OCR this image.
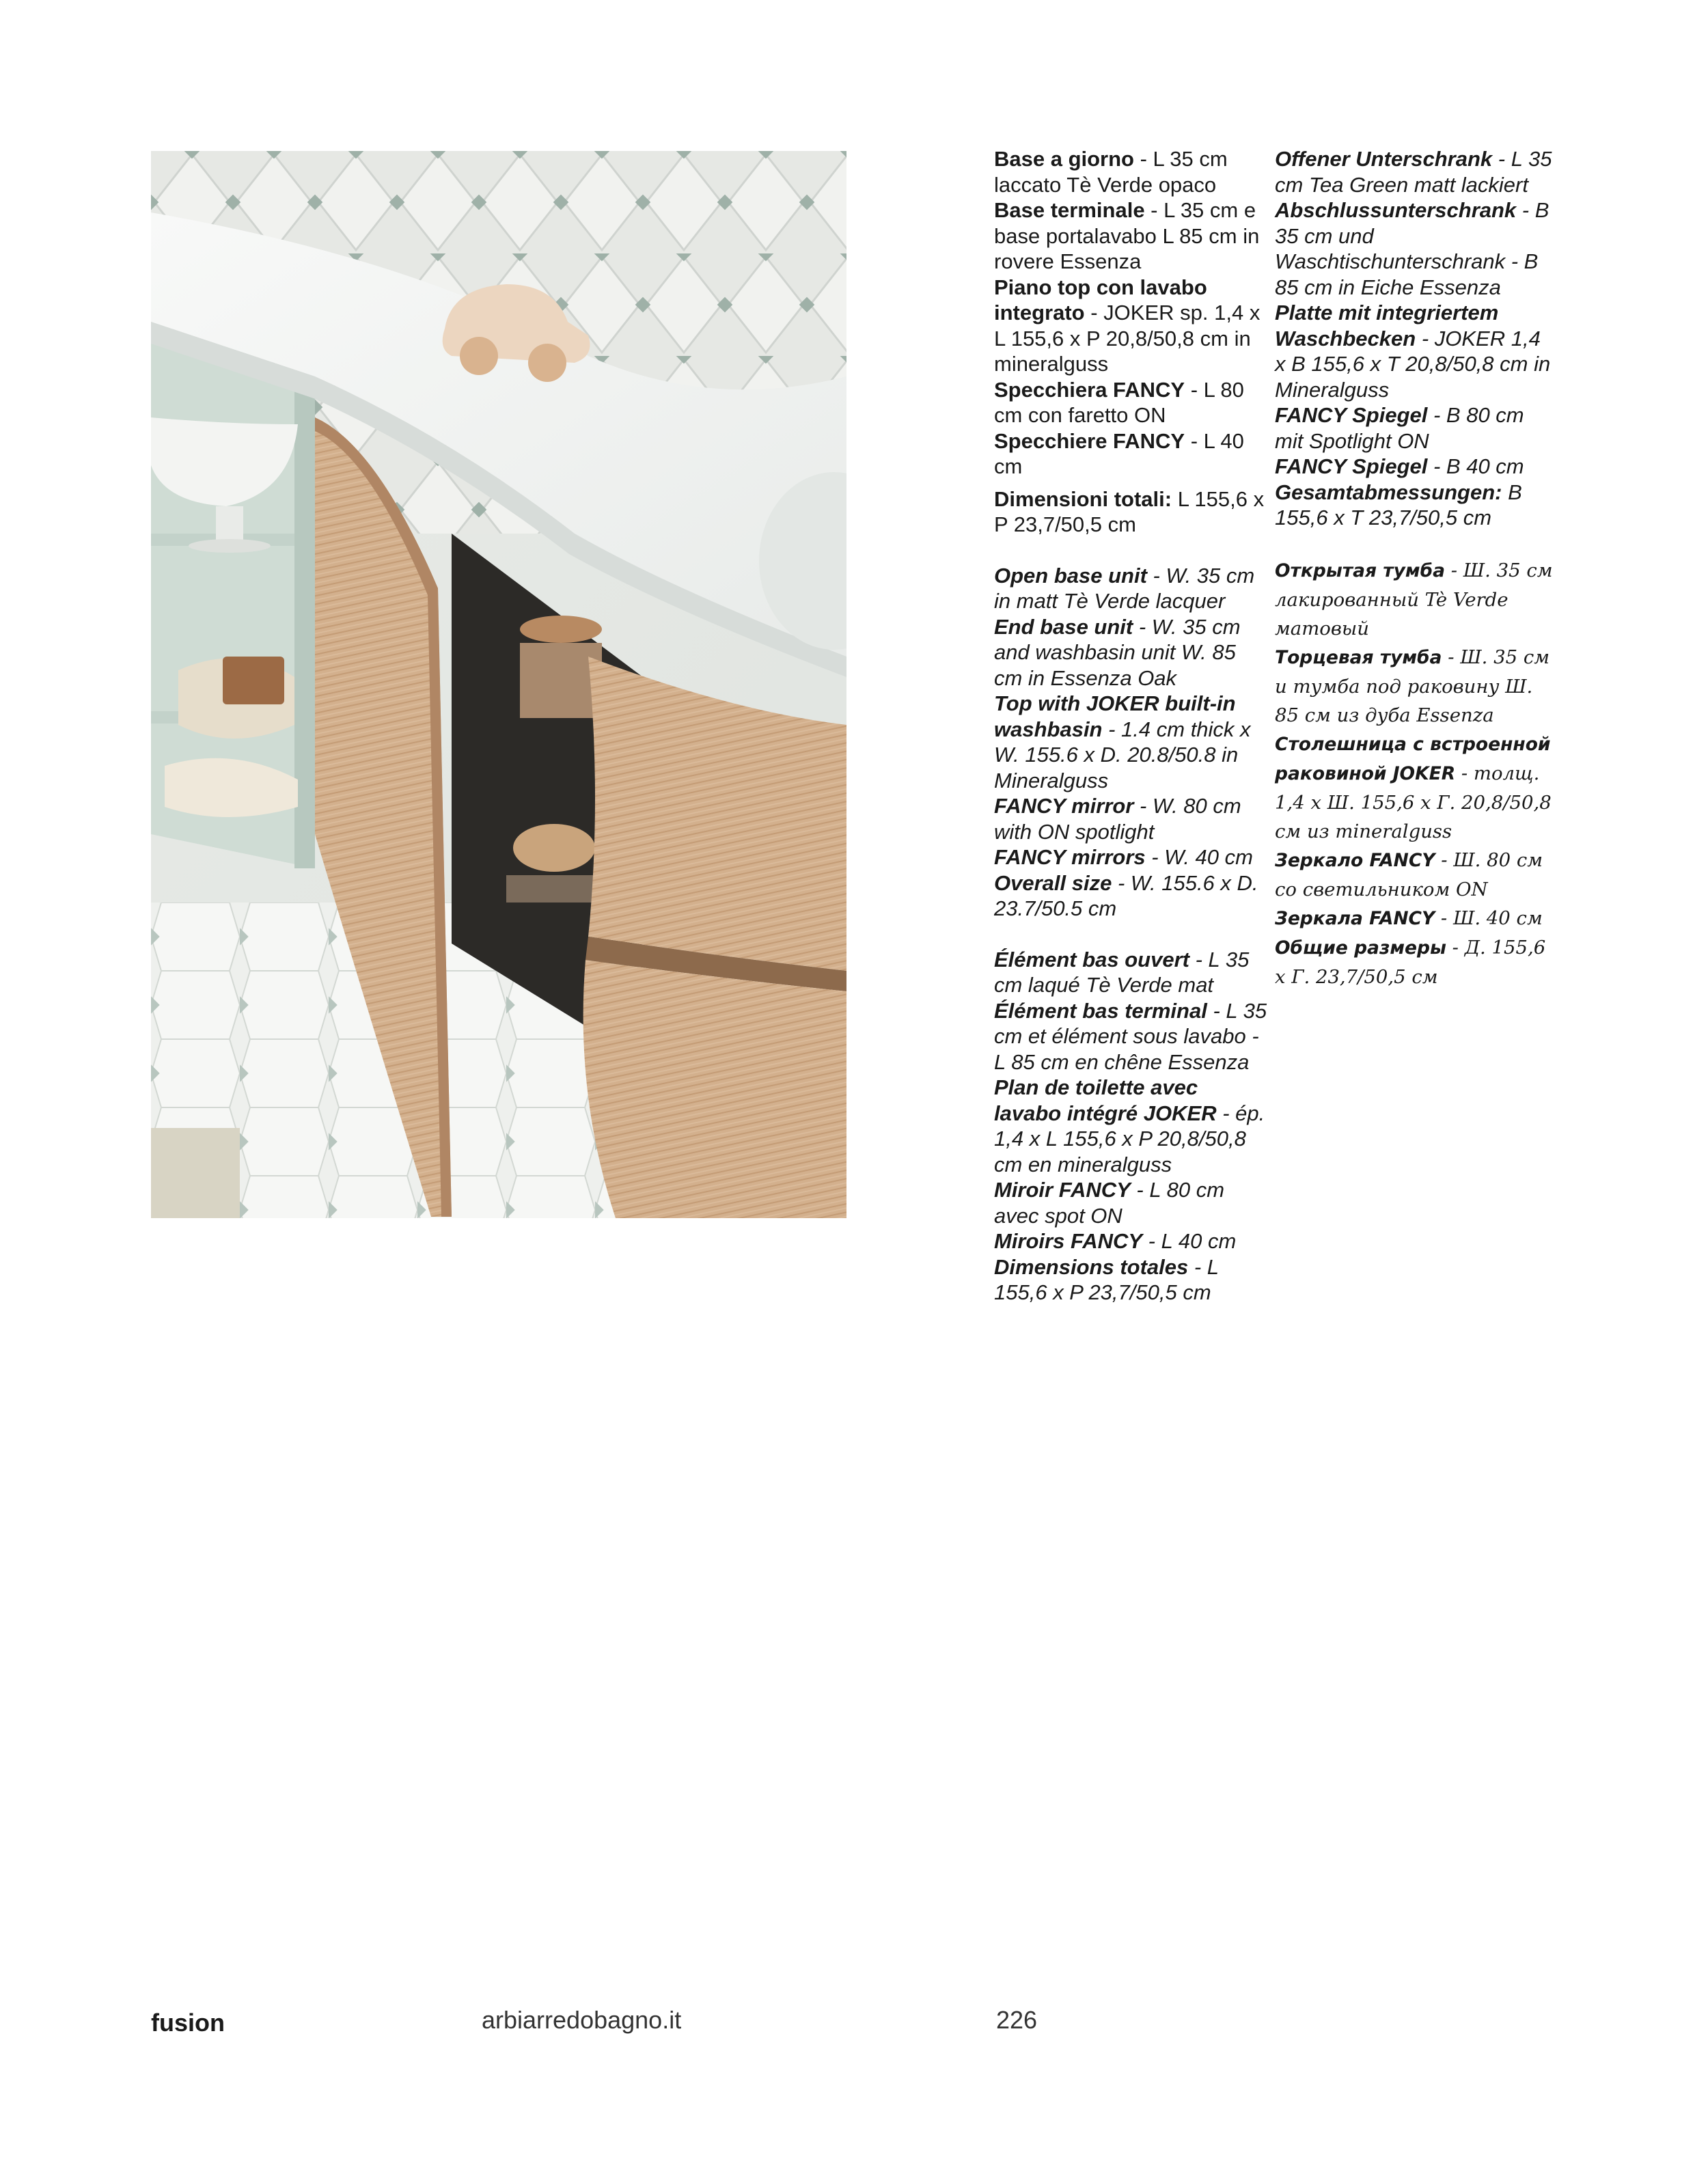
Base a giorno - L 35 cm laccato Tè Verde opaco

Base terminale - L 35 cm e base portalavabo L 85 cm in rovere Essenza

Piano top con lavabo integrato - JOKER sp. 1,4 x L 155,6 x P 20,8/50,8 cm in mineralguss

Specchiera FANCY - L 80 cm con faretto ON

Specchiere FANCY - L 40 cm

Dimensioni totali: L 155,6 x P 23,7/50,5 cm

Open base unit - W. 35 cm in matt Tè Verde lacquer

End base unit - W. 35 cm and washbasin unit W. 85 cm in Essenza Oak

Top with JOKER built-in washbasin - 1.4 cm thick x W. 155.6 x D. 20.8/50.8 in Mineralguss

FANCY mirror - W. 80 cm with ON spotlight

FANCY mirrors - W. 40 cm

Overall size - W. 155.6 x D. 23.7/50.5 cm

Élément bas ouvert - L 35 cm laqué Tè Verde mat

Élément bas terminal - L 35 cm et élément sous lavabo - L 85 cm en chêne Essenza

Plan de toilette avec lavabo intégré JOKER - ép. 1,4 x L 155,6 x P 20,8/50,8 cm en mineralguss

Miroir FANCY - L 80 cm avec spot ON

Miroirs FANCY - L 40 cm

Dimensions totales - L 155,6 x P 23,7/50,5 cm

Offener Unterschrank - L 35 cm Tea Green matt lackiert

Abschlussunterschrank - B 35 cm und Waschtischunterschrank - B 85 cm in Eiche Essenza

Platte mit integriertem Waschbecken - JOKER 1,4 x B 155,6 x T 20,8/50,8 cm in Mineralguss

FANCY Spiegel - B 80 cm mit Spotlight ON

FANCY Spiegel - B 40 cm

Gesamtabmessungen: B 155,6 x T 23,7/50,5 cm

Открытая тумба - Ш. 35 см лакированный Tè Verde матовый

Торцевая тумба - Ш. 35 см и тумба под раковину Ш. 85 см из дуба Essenza

Столешница с встроенной раковиной JOKER - толщ. 1,4 х Ш. 155,6 х Г. 20,8/50,8 см из mineralguss

Зеркало FANCY - Ш. 80 см со светильником ON

Зеркала FANCY - Ш. 40 см

Общие размеры - Д. 155,6 х Г. 23,7/50,5 см

fusion	arbiarredobagno.it	226
